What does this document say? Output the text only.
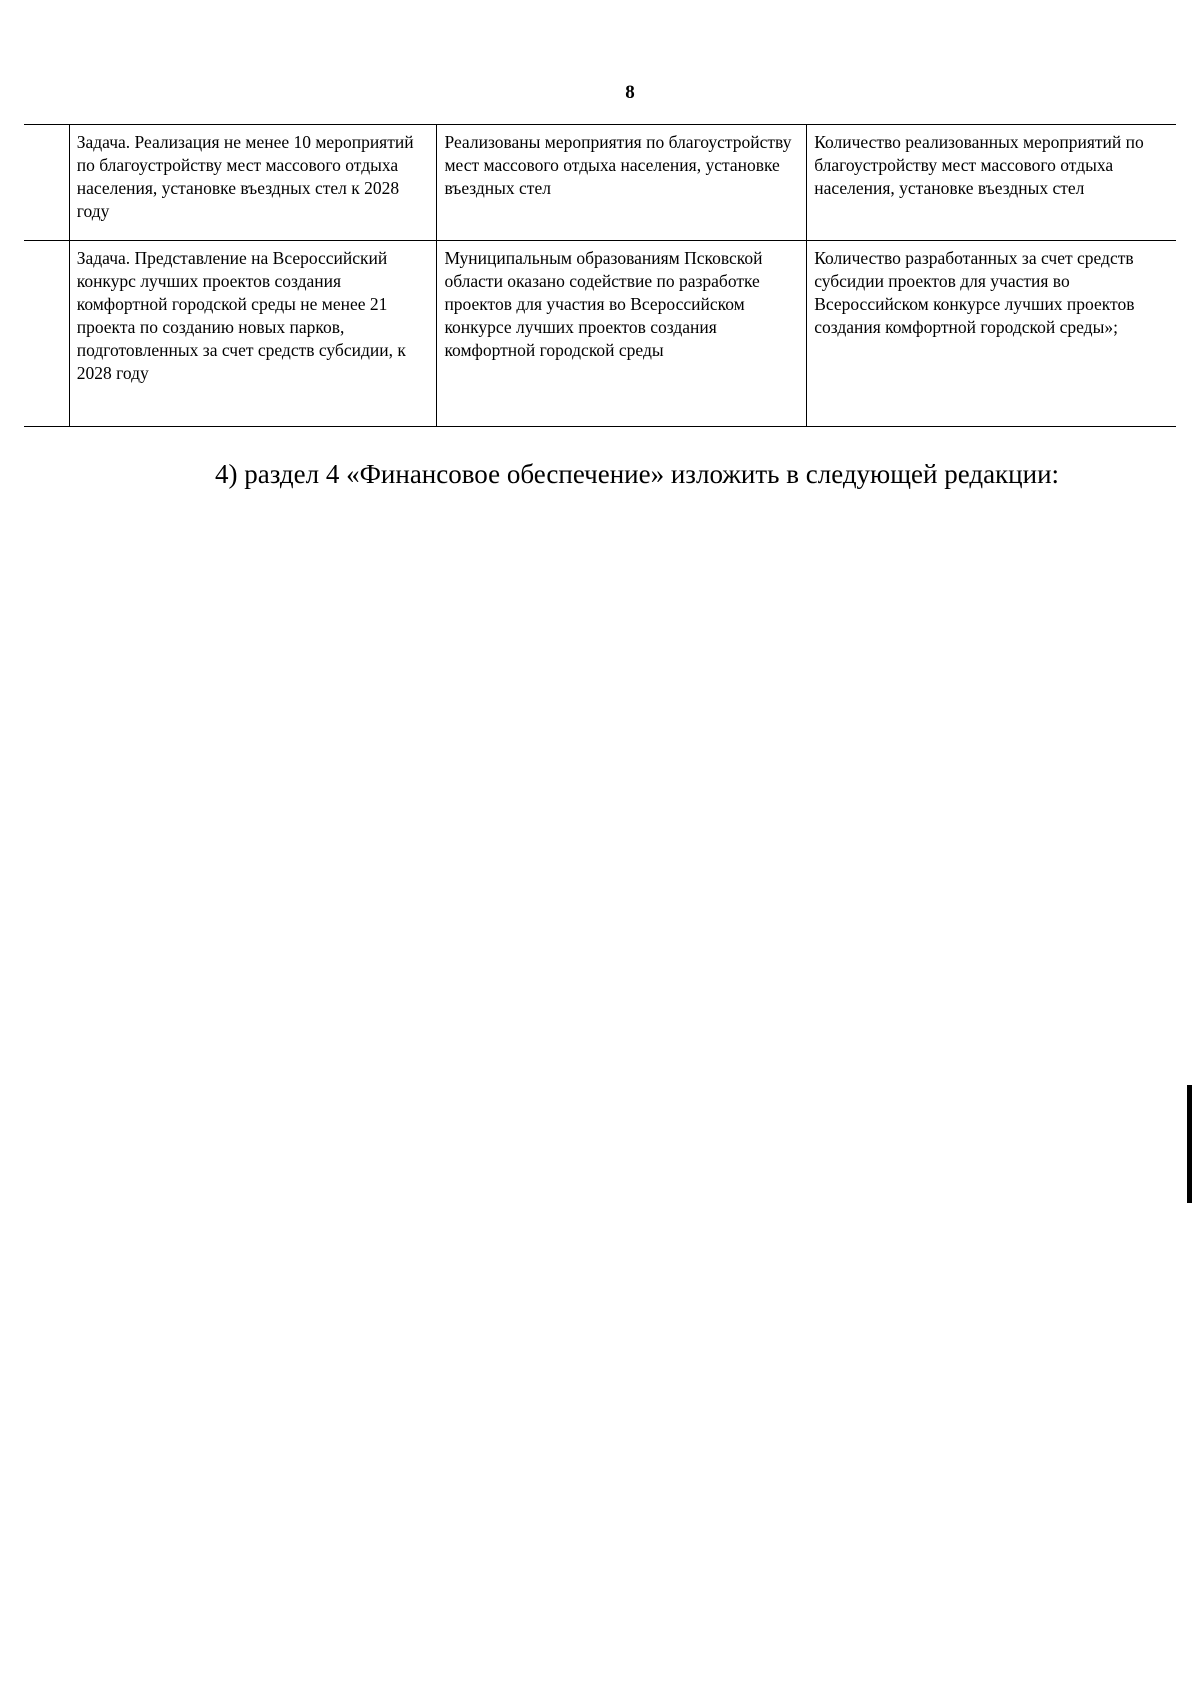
8
	Задача. Реализация не менее 10 мероприятий по благоустройству мест массового отдыха населения, установке въездных стел к 2028 году	Реализованы мероприятия по благоустройству мест массового отдыха населения, установке въездных стел	Количество реализованных мероприятий по благоустройству мест массового отдыха населения, установке въездных стел
	Задача. Представление на Всероссийский конкурс лучших проектов создания комфортной городской среды не менее 21 проекта по созданию новых парков, подготовленных за счет средств субсидии, к 2028 году	Муниципальным образованиям Псковской области оказано содействие по разработке проектов для участия во Всероссийском конкурсе лучших проектов создания комфортной городской среды	Количество разработанных за счет средств субсидии проектов для участия во Всероссийском конкурсе лучших проектов создания комфортной городской среды»;

4) раздел 4 «Финансовое обеспечение» изложить в следующей редакции:
